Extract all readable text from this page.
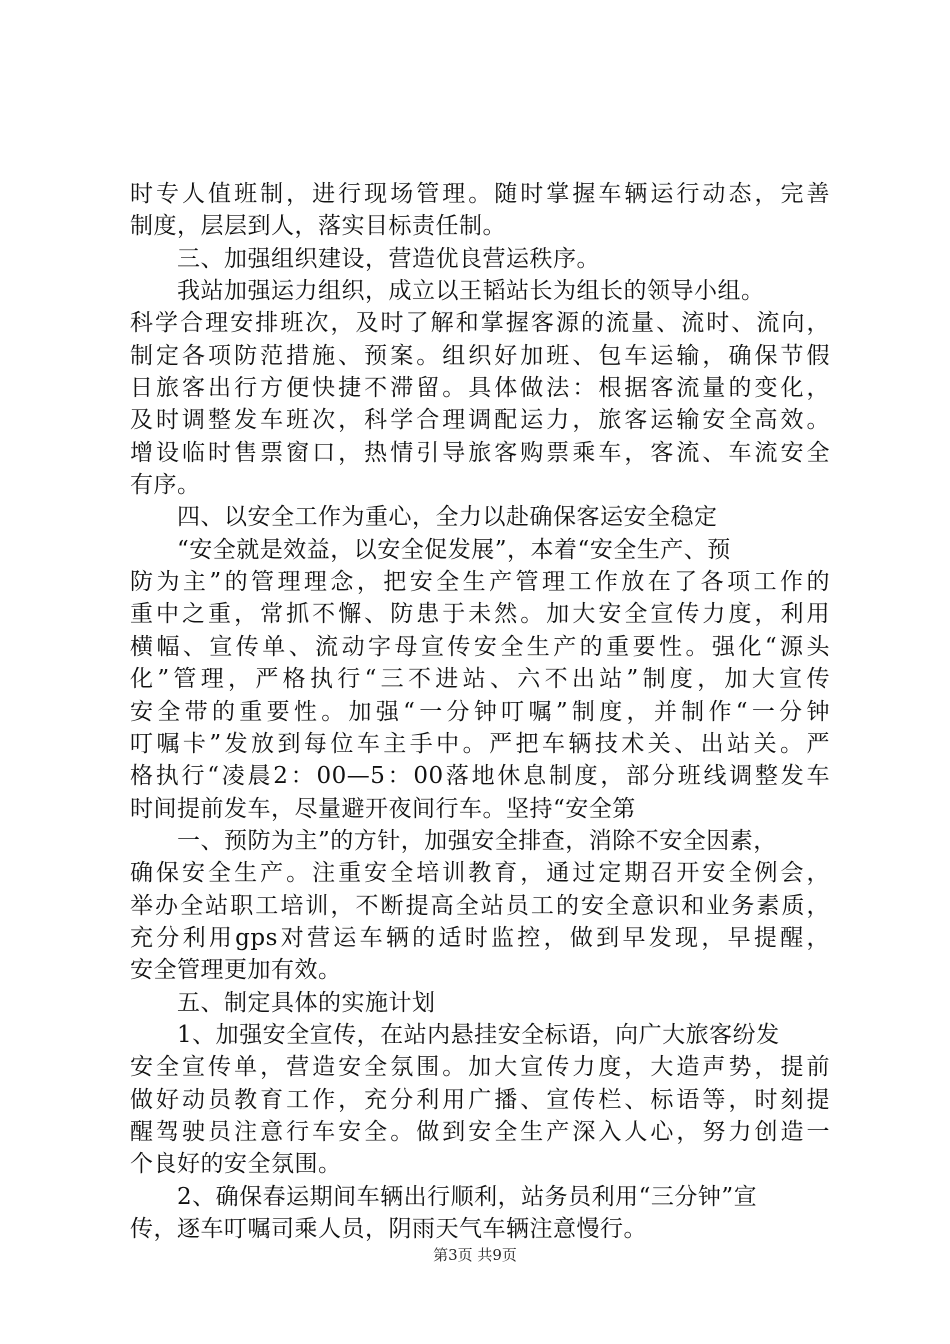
时专人值班制，进行现场管理。随时掌握车辆运行动态，完善
制度，层层到人，落实目标责任制。
三、加强组织建设，营造优良营运秩序。
我站加强运力组织，成立以王韬站长为组长的领导小组。
科学合理安排班次，及时了解和掌握客源的流量、流时、流向，
制定各项防范措施、预案。组织好加班、包车运输，确保节假
日旅客出行方便快捷不滞留。具体做法：根据客流量的变化，
及时调整发车班次，科学合理调配运力，旅客运输安全高效。
增设临时售票窗口，热情引导旅客购票乘车，客流、车流安全
有序。
四、以安全工作为重心，全力以赴确保客运安全稳定
“安全就是效益，以安全促发展”，本着“安全生产、预
防为主”的管理理念，把安全生产管理工作放在了各项工作的
重中之重，常抓不懈、防患于未然。加大安全宣传力度，利用
横幅、宣传单、流动字母宣传安全生产的重要性。强化“源头
化”管理，严格执行“三不进站、六不出站”制度，加大宣传
安全带的重要性。加强“一分钟叮嘱”制度，并制作“一分钟
叮嘱卡”发放到每位车主手中。严把车辆技术关、出站关。严
格执行“凌晨2：00—5：00落地休息制度，部分班线调整发车
时间提前发车，尽量避开夜间行车。坚持“安全第
一、预防为主”的方针，加强安全排查，消除不安全因素，
确保安全生产。注重安全培训教育，通过定期召开安全例会，
举办全站职工培训，不断提高全站员工的安全意识和业务素质，
充分利用gps对营运车辆的适时监控，做到早发现，早提醒，
安全管理更加有效。
五、制定具体的实施计划
1、加强安全宣传，在站内悬挂安全标语，向广大旅客纷发
安全宣传单，营造安全氛围。加大宣传力度，大造声势，提前
做好动员教育工作，充分利用广播、宣传栏、标语等，时刻提
醒驾驶员注意行车安全。做到安全生产深入人心，努力创造一
个良好的安全氛围。
2、确保春运期间车辆出行顺利，站务员利用“三分钟”宣
传，逐车叮嘱司乘人员，阴雨天气车辆注意慢行。
第3页 共9页
